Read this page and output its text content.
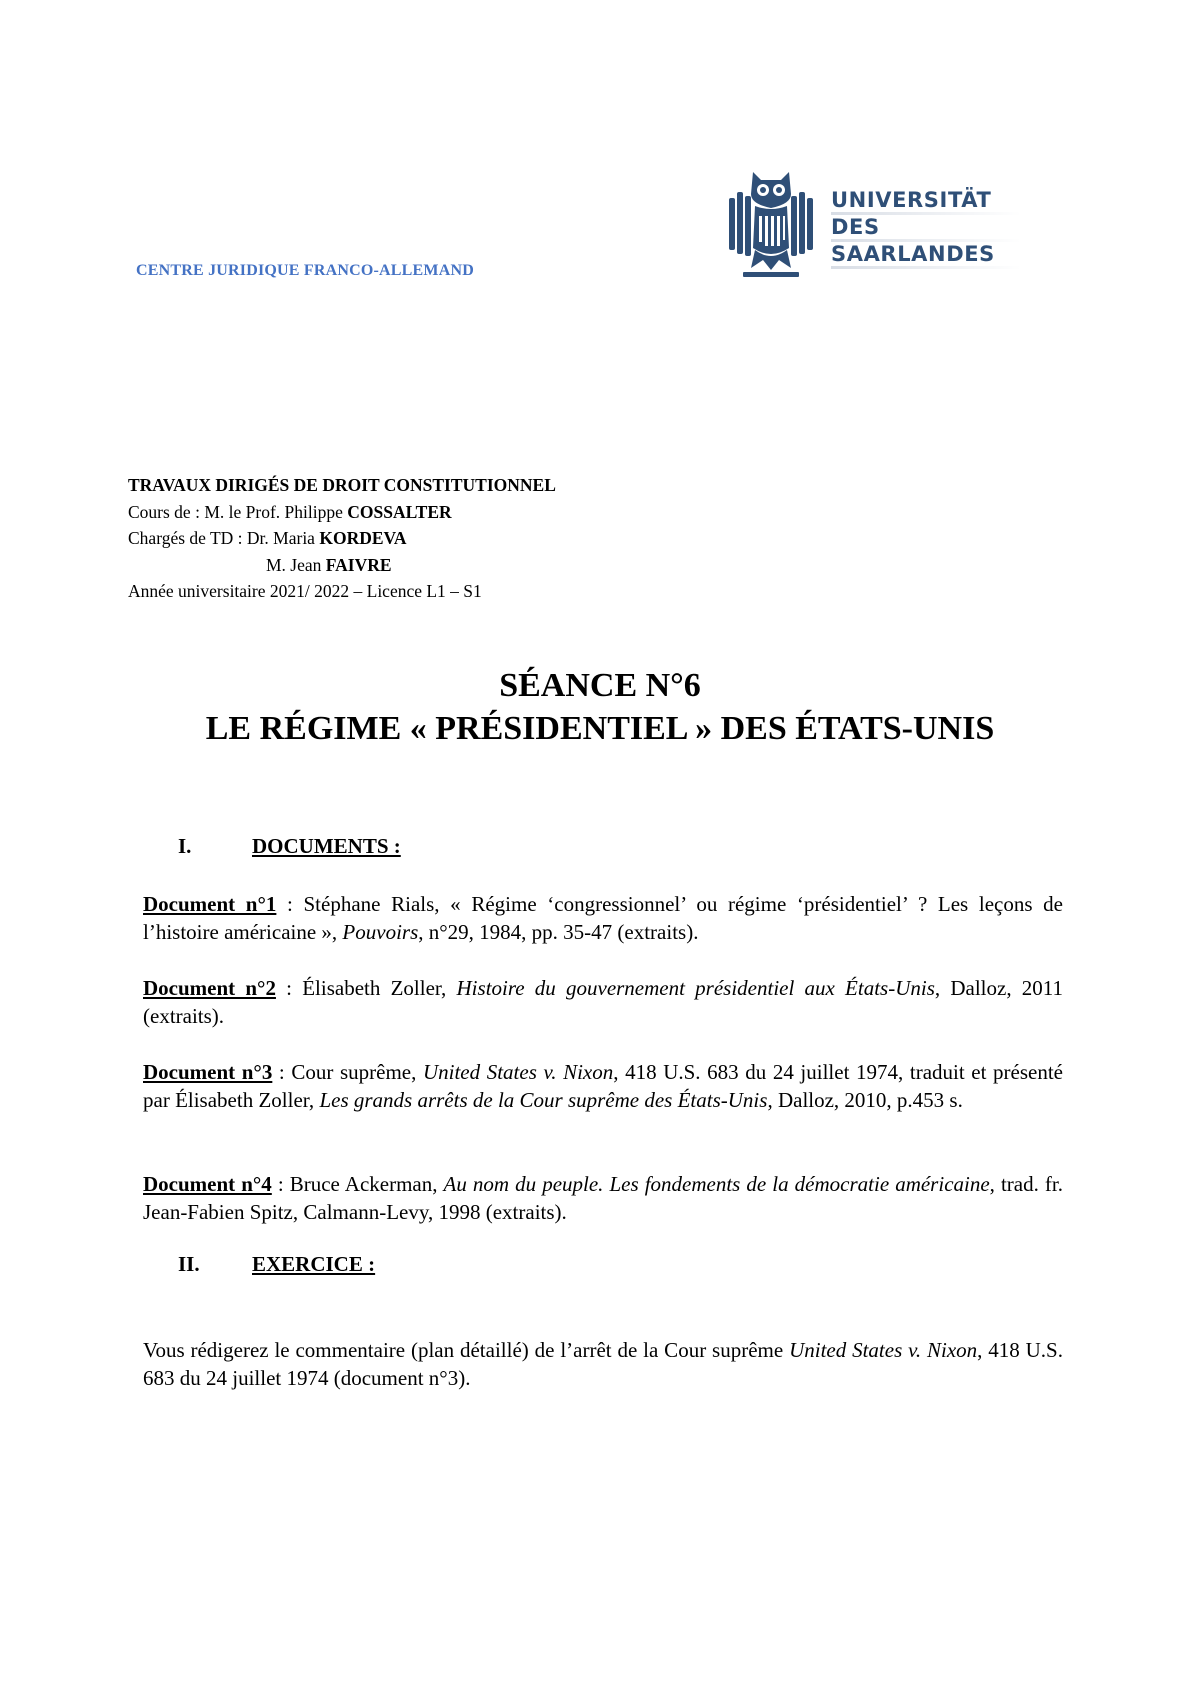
CENTRE JURIDIQUE FRANCO-ALLEMAND
UNIVERSITÄT
DES
SAARLANDES
TRAVAUX DIRIGÉS DE DROIT CONSTITUTIONNEL
Cours de : M. le Prof. Philippe COSSALTER
Chargés de TD : Dr. Maria KORDEVA
M. Jean FAIVRE
Année universitaire 2021/ 2022 – Licence L1 – S1
SÉANCE N°6
LE RÉGIME « PRÉSIDENTIEL » DES ÉTATS-UNIS
I.	DOCUMENTS :
Document n°1 : Stéphane Rials, « Régime ‘congressionnel’ ou régime ‘présidentiel’ ? Les leçons de l’histoire américaine », Pouvoirs, n°29, 1984, pp. 35-47 (extraits).
Document n°2 : Élisabeth Zoller, Histoire du gouvernement présidentiel aux États-Unis, Dalloz, 2011 (extraits).
Document n°3 : Cour suprême, United States v. Nixon, 418 U.S. 683 du 24 juillet 1974, traduit et présenté par Élisabeth Zoller, Les grands arrêts de la Cour suprême des États-Unis, Dalloz, 2010, p.453 s.
Document n°4 : Bruce Ackerman, Au nom du peuple. Les fondements de la démocratie américaine, trad. fr. Jean-Fabien Spitz, Calmann-Levy, 1998 (extraits).
II. EXERCICE :
Vous rédigerez le commentaire (plan détaillé) de l’arrêt de la Cour suprême United States v. Nixon, 418 U.S. 683 du 24 juillet 1974 (document n°3).
